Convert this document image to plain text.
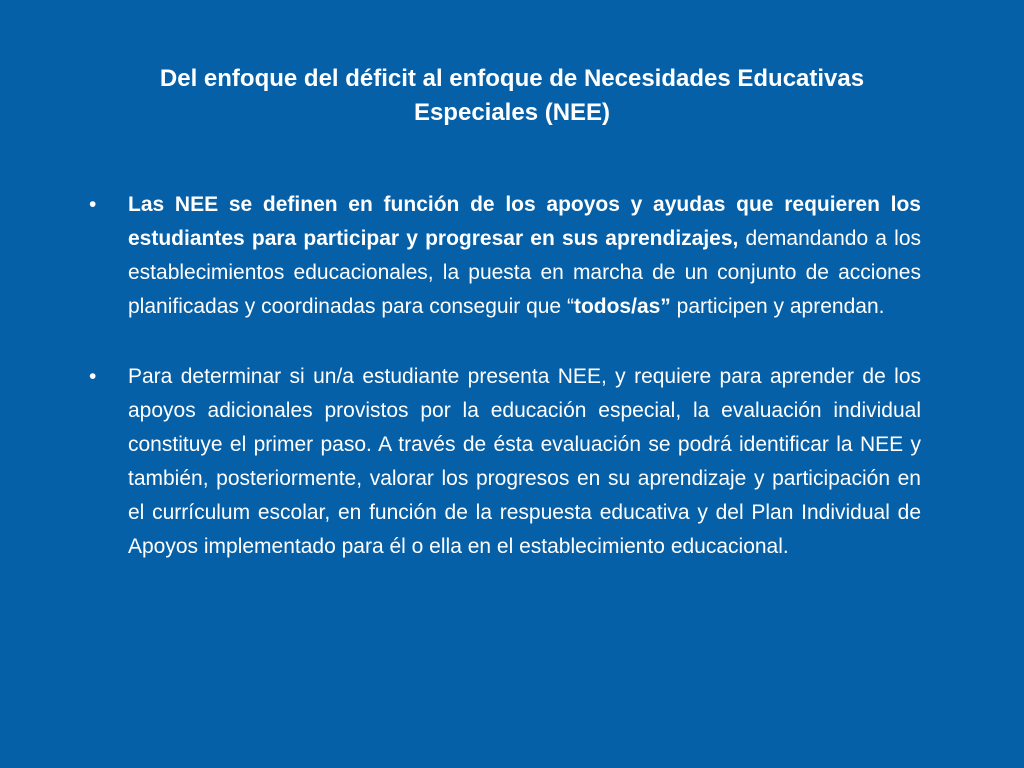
Del enfoque del déficit al enfoque de Necesidades Educativas
Especiales (NEE)
• Las NEE se definen en función de los apoyos y ayudas que requieren los estudiantes para participar y progresar en sus aprendizajes, demandando a los establecimientos educacionales, la puesta en marcha de un conjunto de acciones planificadas y coordinadas para conseguir que “todos/as” participen y aprendan.

• Para determinar si un/a estudiante presenta NEE, y requiere para aprender de los apoyos adicionales provistos por la educación especial, la evaluación individual constituye el primer paso. A través de ésta evaluación se podrá identificar la NEE y también, posteriormente, valorar los progresos en su aprendizaje y participación en el currículum escolar, en función de la respuesta educativa y del Plan Individual de Apoyos implementado para él o ella en el establecimiento educacional.
